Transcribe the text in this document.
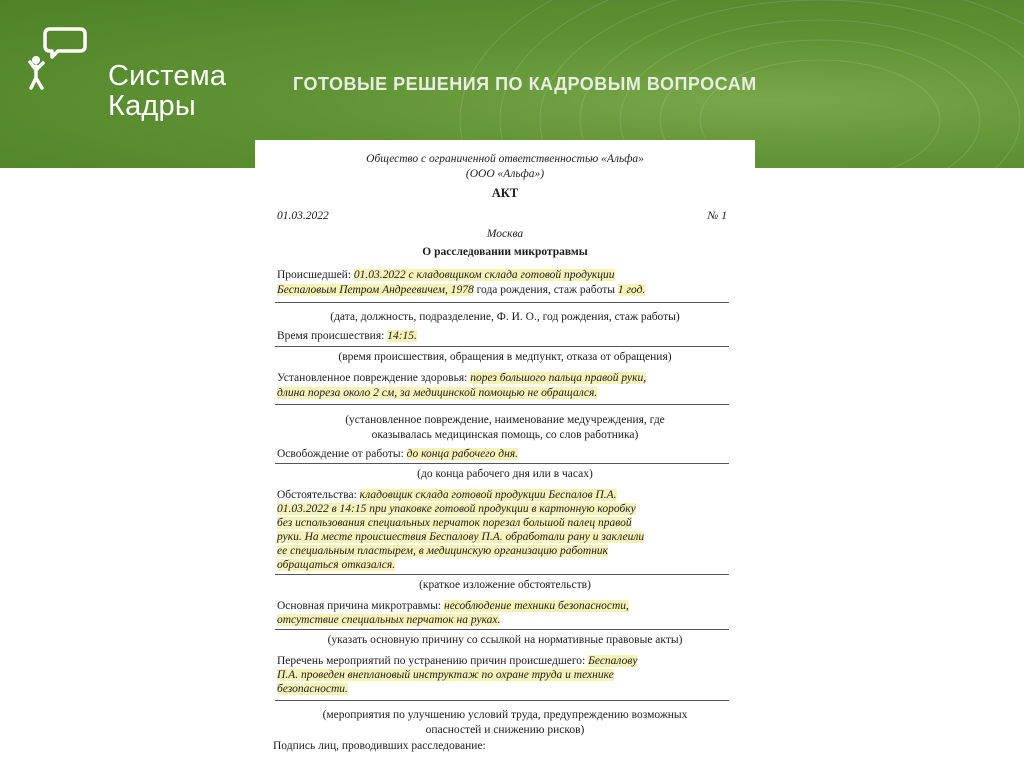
Система
Кадры
ГОТОВЫЕ РЕШЕНИЯ ПО КАДРОВЫМ ВОПРОСАМ
Общество с ограниченной ответственностью «Альфа»
(ООО «Альфа»)
АКТ
01.03.2022	№ 1
Москва
О расследовании микротравмы
Происшедшей: 01.03.2022 с кладовщиком склада готовой продукции
Беспаловым Петром Андреевичем, 1978 года рождения, стаж работы 1 год.
(дата, должность, подразделение, Ф. И. О., год рождения, стаж работы)
Время происшествия: 14:15.
(время происшествия, обращения в медпункт, отказа от обращения)
Установленное повреждение здоровья: порез большого пальца правой руки,
длина пореза около 2 см, за медицинской помощью не обращался.
(установленное повреждение, наименование медучреждения, где
оказывалась медицинская помощь, со слов работника)
Освобождение от работы: до конца рабочего дня.
(до конца рабочего дня или в часах)
Обстоятельства: кладовщик склада готовой продукции Беспалов П.А.
01.03.2022 в 14:15 при упаковке готовой продукции в картонную коробку
без использования специальных перчаток порезал большой палец правой
руки. На месте происшествия Беспалову П.А. обработали рану и заклеили
ее специальным пластырем, в медицинскую организацию работник
обращаться отказался.
(краткое изложение обстоятельств)
Основная причина микротравмы: несоблюдение техники безопасности,
отсутствие специальных перчаток на руках.
(указать основную причину со ссылкой на нормативные правовые акты)
Перечень мероприятий по устранению причин происшедшего: Беспалову
П.А. проведен внеплановый инструктаж по охране труда и технике
безопасности.
(мероприятия по улучшению условий труда, предупреждению возможных
опасностей и снижению рисков)
Подпись лиц, проводивших расследование:
